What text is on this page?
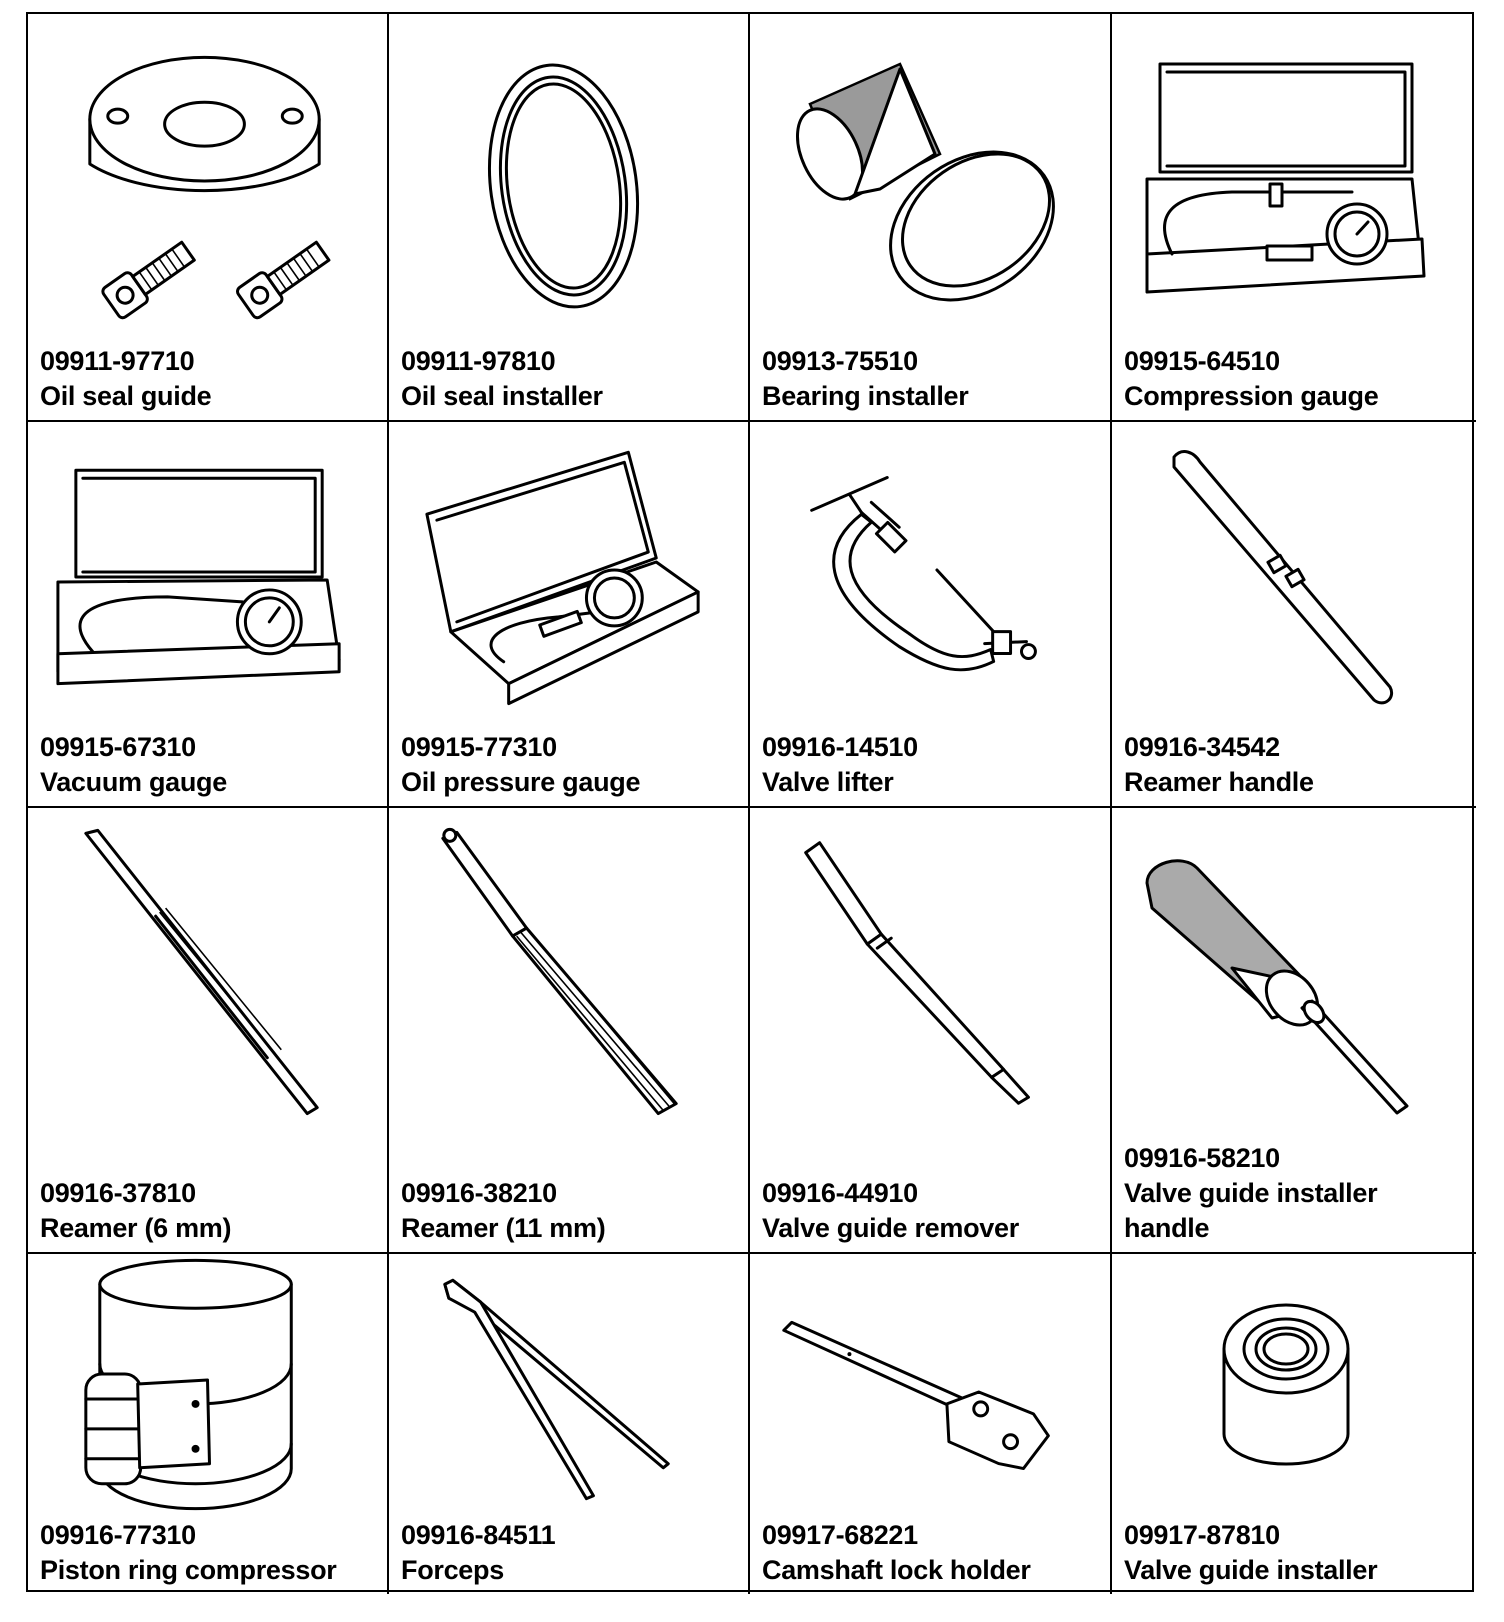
09911-97710
Oil seal guide
09911-97810
Oil seal installer
09913-75510
Bearing installer
09915-64510
Compression gauge
09915-67310
Vacuum gauge
09915-77310
Oil pressure gauge
09916-14510
Valve lifter
09916-34542
Reamer handle
09916-37810
Reamer (6 mm)
09916-38210
Reamer (11 mm)
09916-44910
Valve guide remover
09916-58210
Valve guide installer handle
09916-77310
Piston ring compressor
09916-84511
Forceps
09917-68221
Camshaft lock holder
09917-87810
Valve guide installer
